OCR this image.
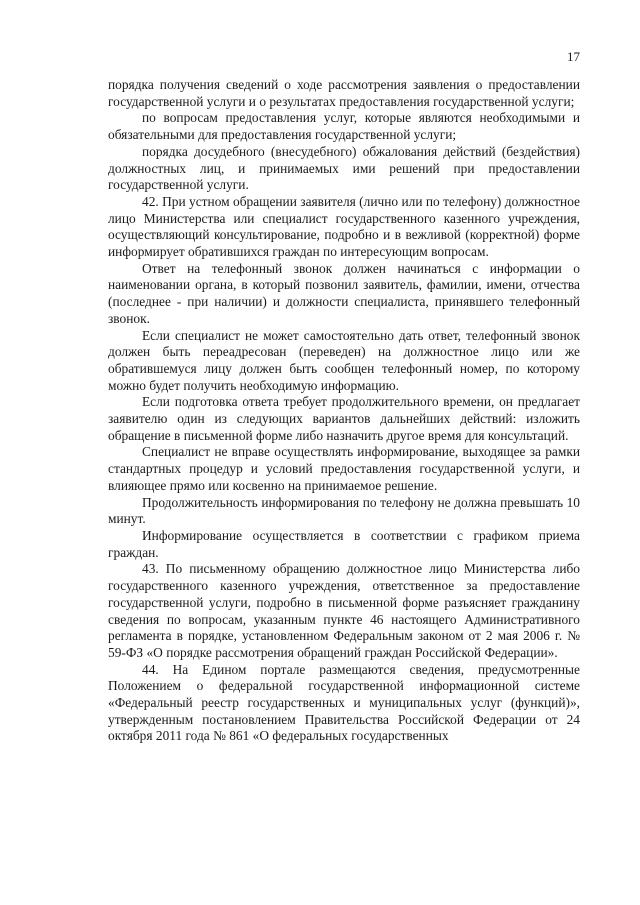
17

порядка получения сведений о ходе рассмотрения заявления о предоставлении государственной услуги и о результатах предоставления государственной услуги;

по вопросам предоставления услуг, которые являются необходимыми и обязательными для предоставления государственной услуги;

порядка досудебного (внесудебного) обжалования действий (бездействия) должностных лиц, и принимаемых ими решений при предоставлении государственной услуги.

42. При устном обращении заявителя (лично или по телефону) должностное лицо Министерства или специалист государственного казенного учреждения, осуществляющий консультирование, подробно и в вежливой (корректной) форме информирует обратившихся граждан по интересующим вопросам.

Ответ на телефонный звонок должен начинаться с информации о наименовании органа, в который позвонил заявитель, фамилии, имени, отчества (последнее - при наличии) и должности специалиста, принявшего телефонный звонок.

Если специалист не может самостоятельно дать ответ, телефонный звонок должен быть переадресован (переведен) на должностное лицо или же обратившемуся лицу должен быть сообщен телефонный номер, по которому можно будет получить необходимую информацию.

Если подготовка ответа требует продолжительного времени, он предлагает заявителю один из следующих вариантов дальнейших действий: изложить обращение в письменной форме либо назначить другое время для консультаций.

Специалист не вправе осуществлять информирование, выходящее за рамки стандартных процедур и условий предоставления государственной услуги, и влияющее прямо или косвенно на принимаемое решение.

Продолжительность информирования по телефону не должна превышать 10 минут.

Информирование осуществляется в соответствии с графиком приема граждан.

43. По письменному обращению должностное лицо Министерства либо государственного казенного учреждения, ответственное за предоставление государственной услуги, подробно в письменной форме разъясняет гражданину сведения по вопросам, указанным пункте 46 настоящего Административного регламента в порядке, установленном Федеральным законом от 2 мая 2006 г. № 59-ФЗ «О порядке рассмотрения обращений граждан Российской Федерации».

44. На Едином портале размещаются сведения, предусмотренные Положением о федеральной государственной информационной системе «Федеральный реестр государственных и муниципальных услуг (функций)», утвержденным постановлением Правительства Российской Федерации от 24 октября 2011 года № 861 «О федеральных государственных
